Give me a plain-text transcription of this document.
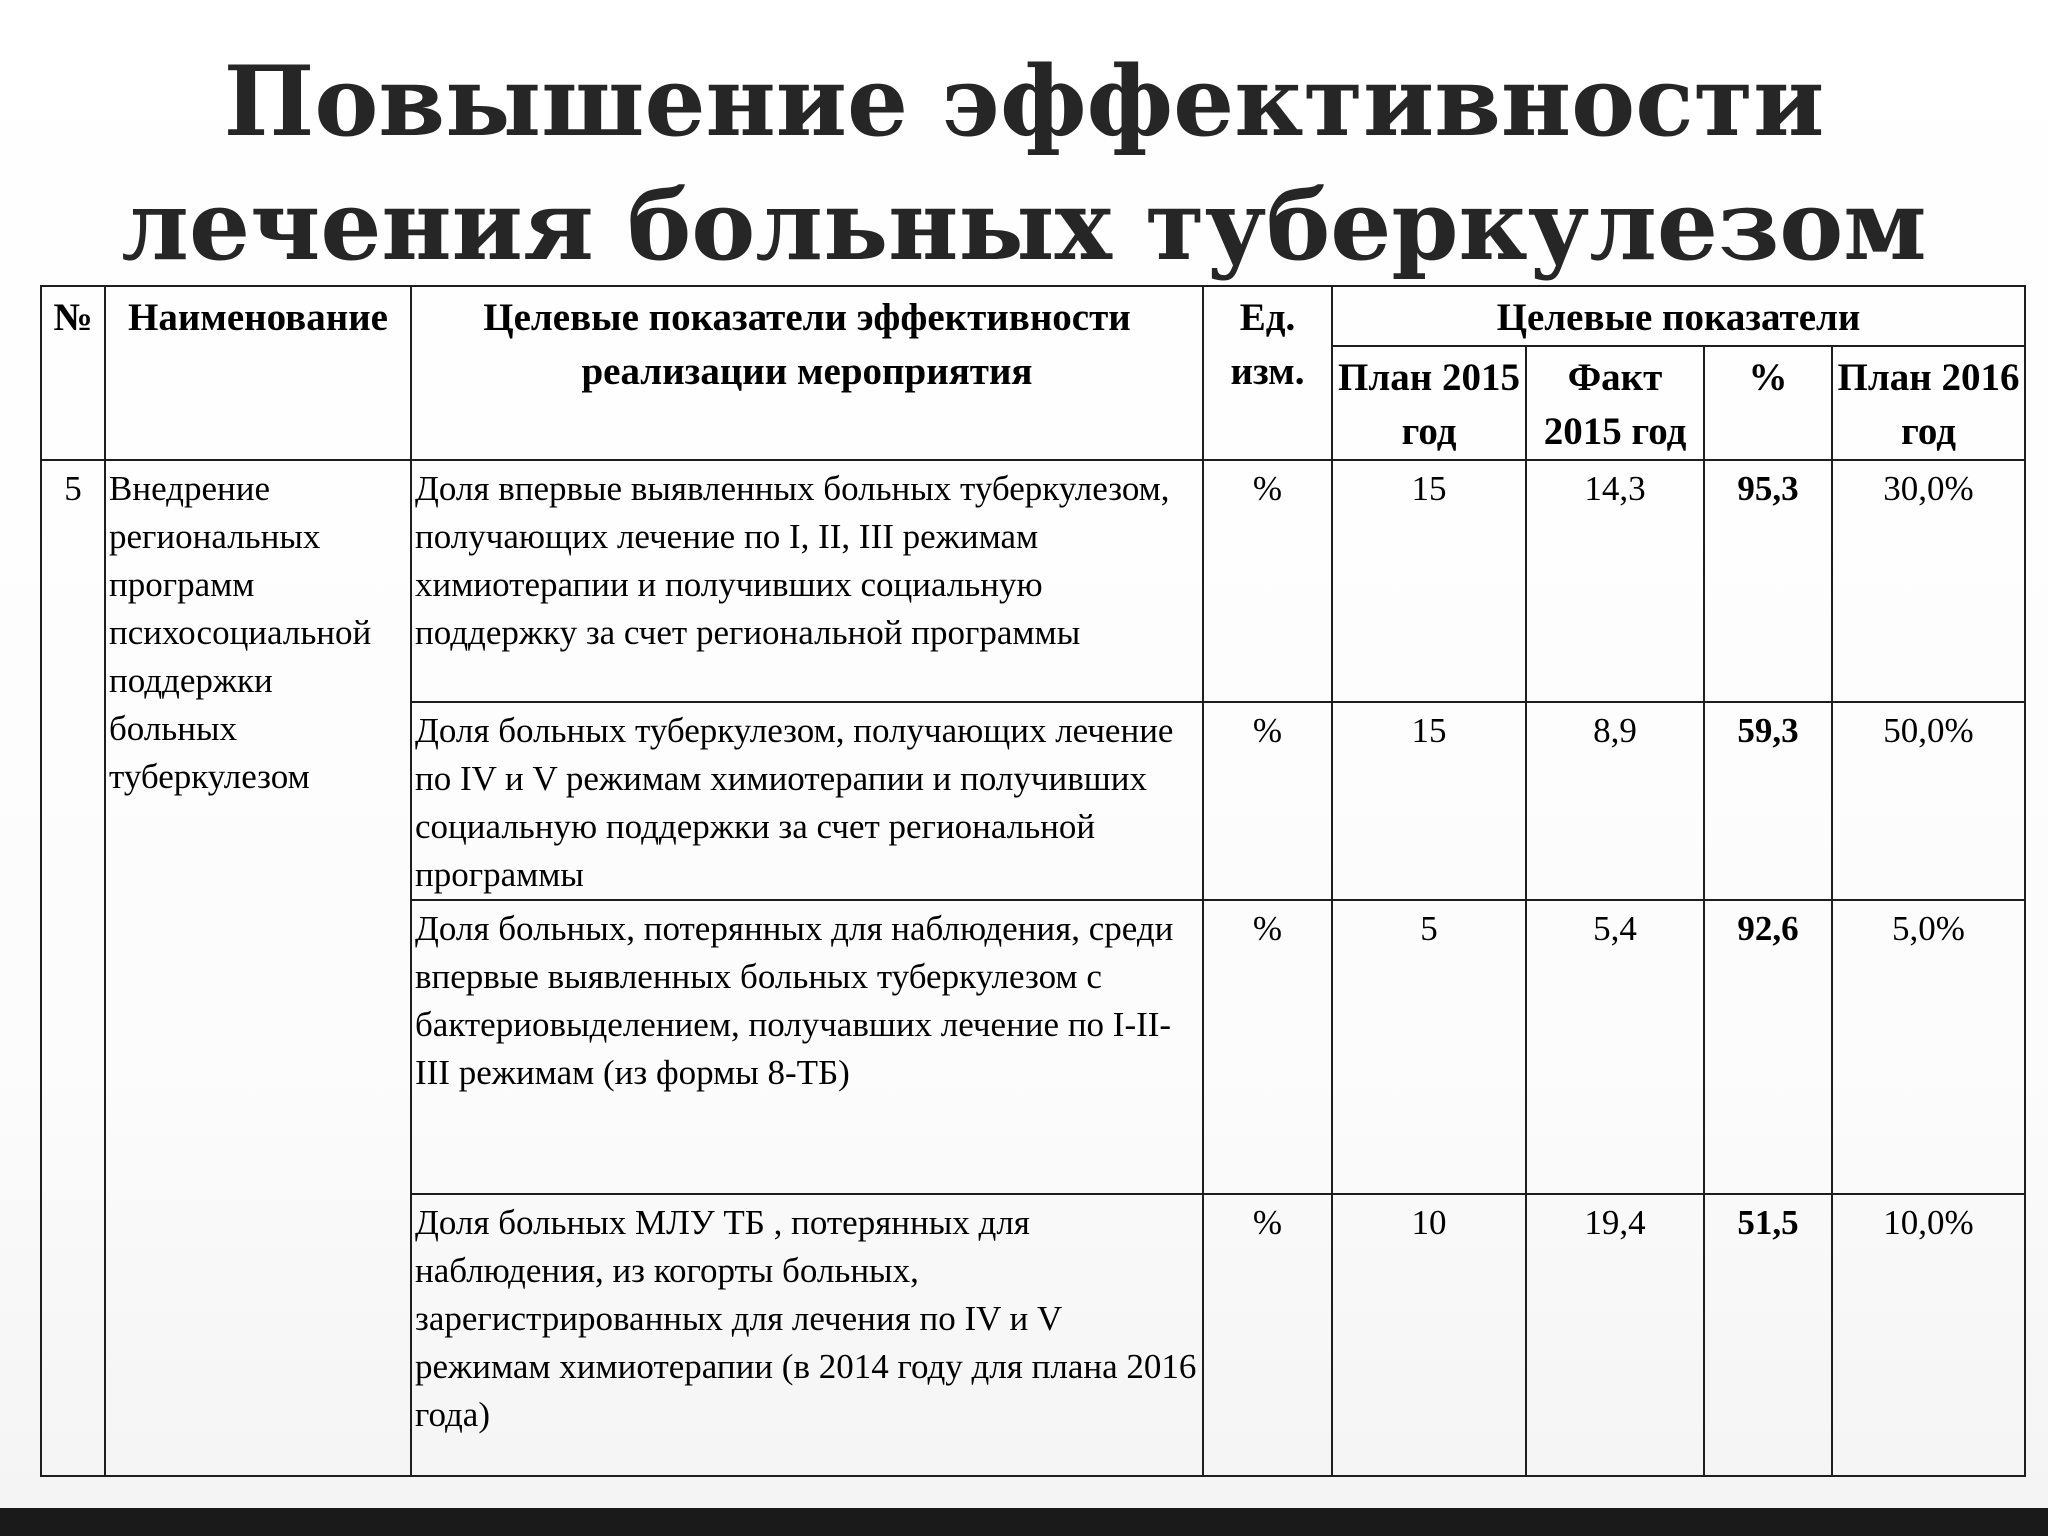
Повышение эффективности
лечения больных туберкулезом
№	Наименование	Целевые показатели эффективности реализации мероприятия	Ед. изм.	Целевые показатели			
				План 2015 год	Факт 2015 год	%	План 2016 год
5	Внедрение региональных программ психосоциальной поддержки больных туберкулезом	Доля впервые выявленных больных туберкулезом, получающих лечение по I, II, III режимам химиотерапии и получивших социальную поддержку за счет региональной программы	%	15	14,3	95,3	30,0%
		Доля больных туберкулезом, получающих лечение по IV и V режимам химиотерапии и получивших социальную поддержки за счет региональной программы	%	15	8,9	59,3	50,0%
		Доля больных, потерянных для наблюдения, среди впервые выявленных больных туберкулезом с бактериовыделением, получавших лечение по I-II-III режимам (из формы 8-ТБ)	%	5	5,4	92,6	5,0%
		Доля больных МЛУ ТБ , потерянных для наблюдения, из когорты больных, зарегистрированных для лечения по IV и V режимам химиотерапии (в 2014 году для плана 2016 года)	%	10	19,4	51,5	10,0%
